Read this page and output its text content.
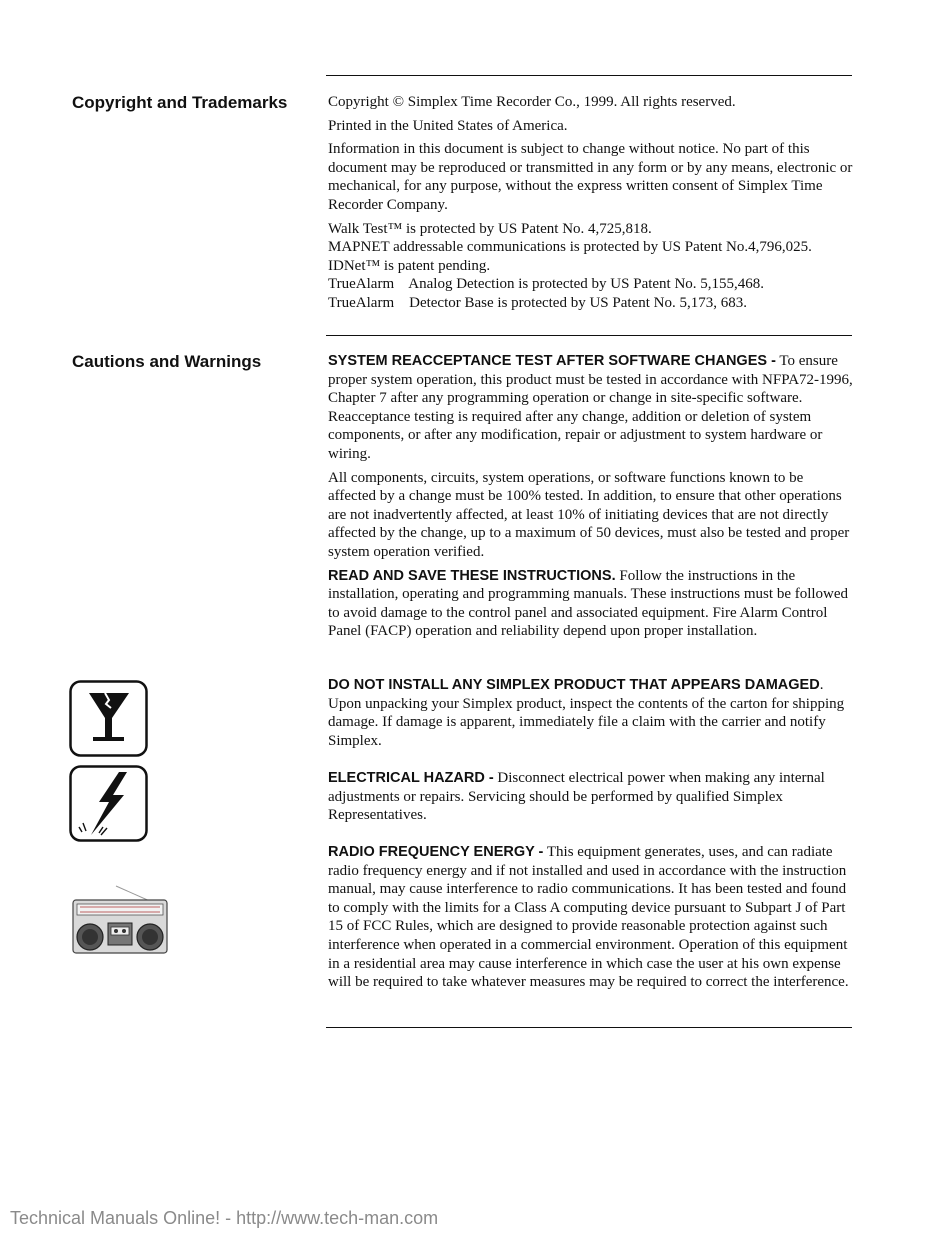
Copyright and Trademarks	Copyright © Simplex Time Recorder Co., 1999. All rights reserved.

Printed in the United States of America.

Information in this document is subject to change without notice. No part of this document may be reproduced or transmitted in any form or by any means, electronic or mechanical, for any purpose, without the express written consent of Simplex Time Recorder Company.

Walk Test™ is protected by US Patent No. 4,725,818.
MAPNET addressable communications is protected by US Patent No.4,796,025.
IDNet™ is patent pending.
TrueAlarm    Analog Detection is protected by US Patent No. 5,155,468.
TrueAlarm    Detector Base is protected by US Patent No. 5,173, 683.
Cautions and Warnings	SYSTEM REACCEPTANCE TEST AFTER SOFTWARE CHANGES - To ensure proper system operation, this product must be tested in accordance with NFPA72-1996, Chapter 7 after any programming operation or change in site-specific software. Reacceptance testing is required after any change, addition or deletion of system components, or after any modification, repair or adjustment to system hardware or wiring.

All components, circuits, system operations, or software functions known to be affected by a change must be 100% tested. In addition, to ensure that other operations are not inadvertently affected, at least 10% of initiating devices that are not directly affected by the change, up to a maximum of 50 devices, must also be tested and proper system operation verified.

READ AND SAVE THESE INSTRUCTIONS. Follow the instructions in the installation, operating and programming manuals. These instructions must be followed to avoid damage to the control panel and associated equipment. Fire Alarm Control Panel (FACP) operation and reliability depend upon proper installation.

DO NOT INSTALL ANY SIMPLEX PRODUCT THAT APPEARS DAMAGED. Upon unpacking your Simplex product, inspect the contents of the carton for shipping damage. If damage is apparent, immediately file a claim with the carrier and notify Simplex.

ELECTRICAL HAZARD - Disconnect electrical power when making any internal adjustments or repairs. Servicing should be performed by qualified Simplex Representatives.

RADIO FREQUENCY ENERGY - This equipment generates, uses, and can radiate radio frequency energy and if not installed and used in accordance with the instruction manual, may cause interference to radio communications. It has been tested and found to comply with the limits for a Class A computing device pursuant to Subpart J of Part 15 of FCC Rules, which are designed to provide reasonable protection against such interference when operated in a commercial environment. Operation of this equipment in a residential area may cause interference in which case the user at his own expense will be required to take whatever measures may be required to correct the interference.

Technical Manuals Online! - http://www.tech-man.com
